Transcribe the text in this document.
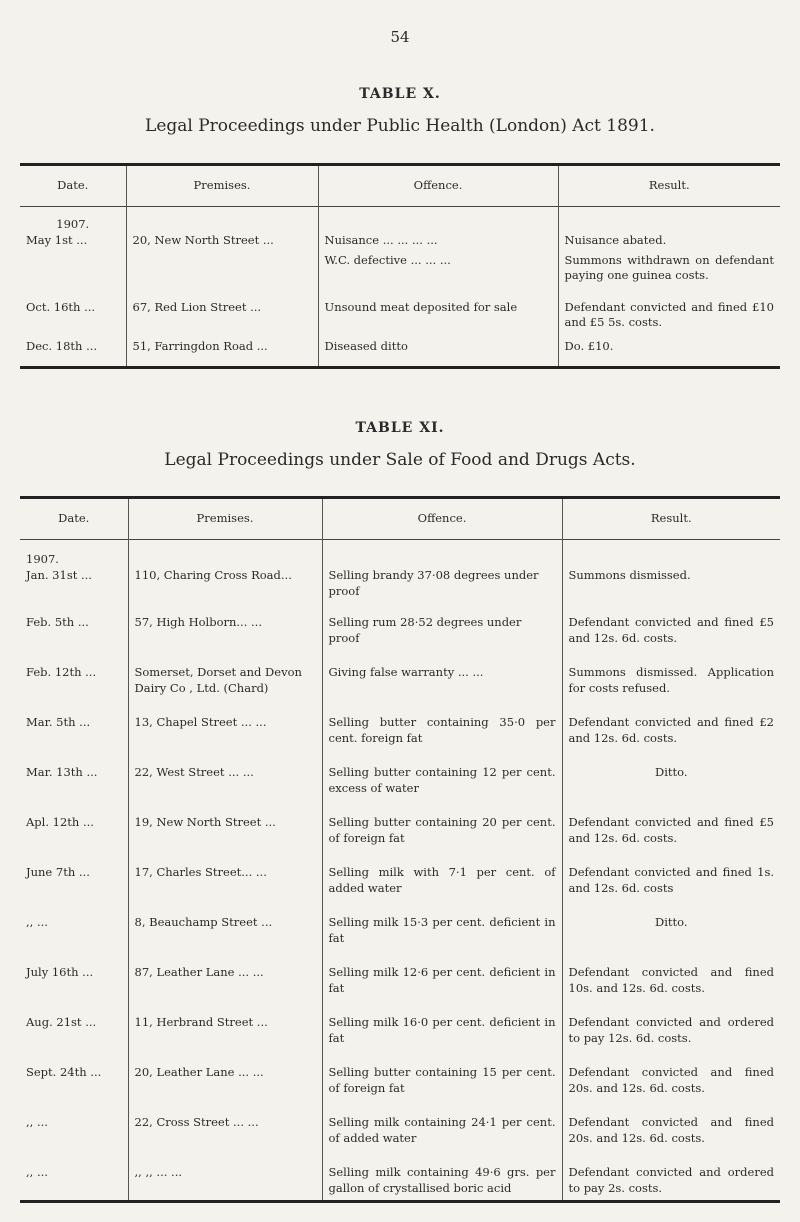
54
TABLE X.
Legal Proceedings under Public Health (London) Act 1891.
Date.	Premises.	Offence.	Result.

1907.
May 1st ...	20, New North Street ...	Nuisance ... ... ... ...	Nuisance abated.
		W.C. defective ... ... ...	Summons withdrawn on defendant paying one guinea costs.
Oct. 16th ...	67, Red Lion Street ...	Unsound meat deposited for sale	Defendant convicted and fined £10 and £5 5s. costs.
Dec. 18th ...	51, Farringdon Road ...	Diseased ditto	Do. £10.
TABLE XI.
Legal Proceedings under Sale of Food and Drugs Acts.
Date.	Premises.	Offence.	Result.

1907.
Jan. 31st ...	110, Charing Cross Road...	Selling brandy 37·08 degrees under proof	Summons dismissed.
Feb. 5th ...	57, High Holborn... ...	Selling rum 28·52 degrees under proof	Defendant convicted and fined £5 and 12s. 6d. costs.
Feb. 12th ...	Somerset, Dorset and Devon Dairy Co , Ltd. (Chard)	Giving false warranty ... ...	Summons dismissed. Application for costs refused.
Mar. 5th ...	13, Chapel Street ... ...	Selling butter containing 35·0 per cent. foreign fat	Defendant convicted and fined £2 and 12s. 6d. costs.
Mar. 13th ...	22, West Street ... ...	Selling butter containing 12 per cent. excess of water	Ditto.
Apl. 12th ...	19, New North Street ...	Selling butter containing 20 per cent. of foreign fat	Defendant convicted and fined £5 and 12s. 6d. costs.
June 7th ...	17, Charles Street... ...	Selling milk with 7·1 per cent. of added water	Defendant convicted and fined 1s. and 12s. 6d. costs
,, ...	8, Beauchamp Street ...	Selling milk 15·3 per cent. deficient in fat	Ditto.
July 16th ...	87, Leather Lane ... ...	Selling milk 12·6 per cent. deficient in fat	Defendant convicted and fined 10s. and 12s. 6d. costs.
Aug. 21st ...	11, Herbrand Street ...	Selling milk 16·0 per cent. deficient in fat	Defendant convicted and ordered to pay 12s. 6d. costs.
Sept. 24th ...	20, Leather Lane ... ...	Selling butter containing 15 per cent. of foreign fat	Defendant convicted and fined 20s. and 12s. 6d. costs.
,, ...	22, Cross Street ... ...	Selling milk containing 24·1 per cent. of added water	Defendant convicted and fined 20s. and 12s. 6d. costs.
,, ...	,, ,, ... ...	Selling milk containing 49·6 grs. per gallon of crystallised boric acid	Defendant convicted and ordered to pay 2s. costs.
